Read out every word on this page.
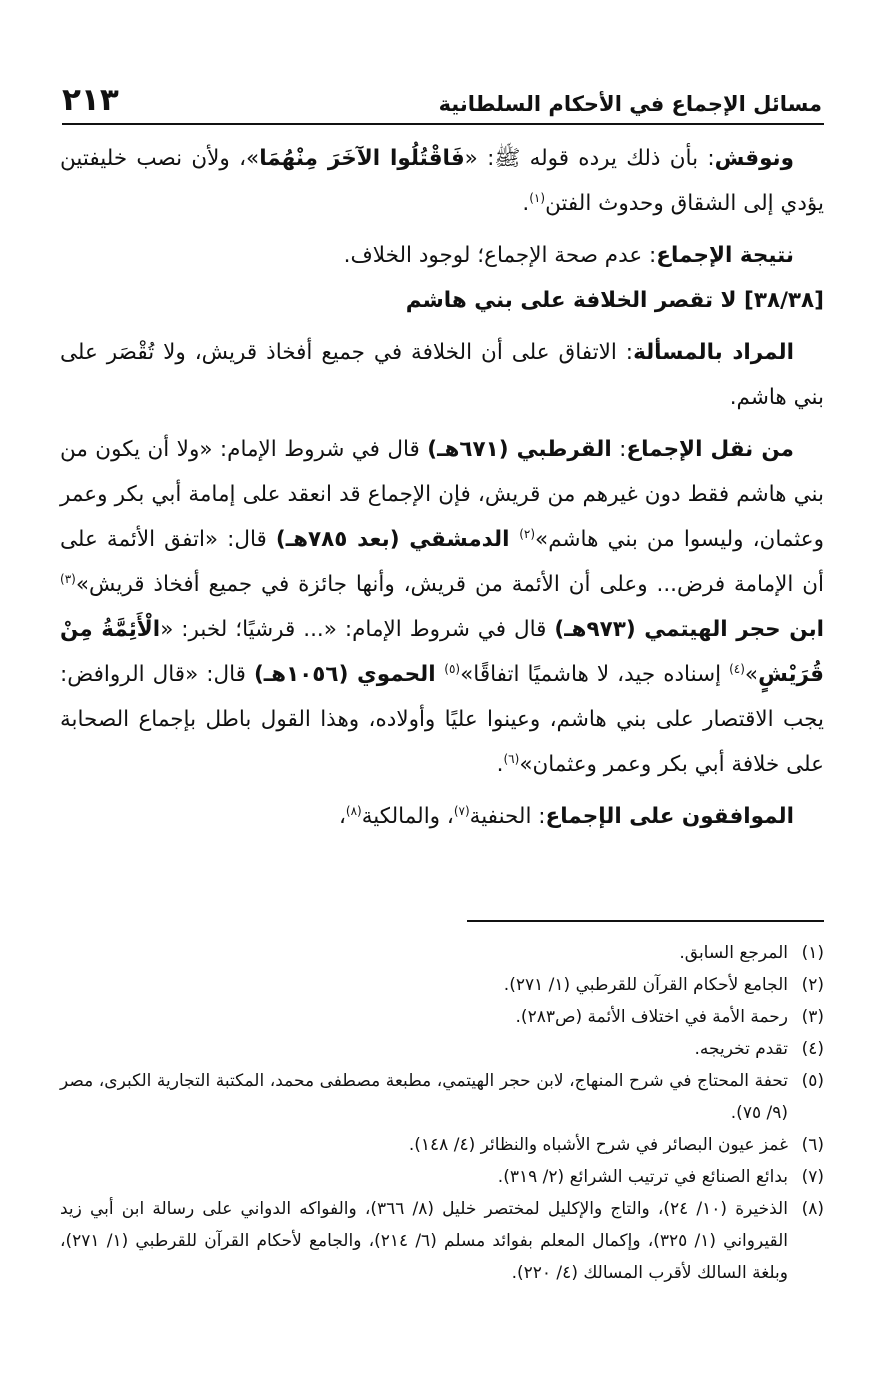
مسائل الإجماع في الأحكام السلطانية
٢١٣

ونوقش: بأن ذلك يرده قوله ﷺ: «فَاقْتُلُوا الآخَرَ مِنْهُمَا»، ولأن نصب خليفتين يؤدي إلى الشقاق وحدوث الفتن$^{(١)}$.

نتيجة الإجماع: عدم صحة الإجماع؛ لوجود الخلاف.

[٣٨/٣٨] لا تقصر الخلافة على بني هاشم

المراد بالمسألة: الاتفاق على أن الخلافة في جميع أفخاذ قريش، ولا تُقْصَر على بني هاشم.

من نقل الإجماع: القرطبي (٦٧١هـ) قال في شروط الإمام: «ولا أن يكون من بني هاشم فقط دون غيرهم من قريش، فإن الإجماع قد انعقد على إمامة أبي بكر وعمر وعثمان، وليسوا من بني هاشم»$^{(٢)}$ الدمشقي (بعد ٧٨٥هـ) قال: «اتفق الأئمة على أن الإمامة فرض... وعلى أن الأئمة من قريش، وأنها جائزة في جميع أفخاذ قريش»$^{(٣)}$ ابن حجر الهيتمي (٩٧٣هـ) قال في شروط الإمام: «... قرشيًا؛ لخبر: «الْأَئِمَّةُ مِنْ قُرَيْشٍ»$^{(٤)}$ إسناده جيد، لا هاشميًا اتفاقًا»$^{(٥)}$ الحموي (١٠٥٦هـ) قال: «قال الروافض: يجب الاقتصار على بني هاشم، وعينوا عليًا وأولاده، وهذا القول باطل بإجماع الصحابة على خلافة أبي بكر وعمر وعثمان»$^{(٦)}$.

الموافقون على الإجماع: الحنفية$^{(٧)}$، والمالكية$^{(٨)}$،

(١)
المرجع السابق.
(٢)
الجامع لأحكام القرآن للقرطبي (١/ ٢٧١).
(٣)
رحمة الأمة في اختلاف الأئمة (ص٢٨٣).
(٤)
تقدم تخريجه.
(٥)
تحفة المحتاج في شرح المنهاج، لابن حجر الهيتمي، مطبعة مصطفى محمد، المكتبة التجارية الكبرى، مصر (٩/ ٧٥).
(٦)
غمز عيون البصائر في شرح الأشباه والنظائر (٤/ ١٤٨).
(٧)
بدائع الصنائع في ترتيب الشرائع (٢/ ٣١٩).
(٨)
الذخيرة (١٠/ ٢٤)، والتاج والإكليل لمختصر خليل (٨/ ٣٦٦)، والفواكه الدواني على رسالة ابن أبي زيد القيرواني (١/ ٣٢٥)، وإكمال المعلم بفوائد مسلم (٦/ ٢١٤)، والجامع لأحكام القرآن للقرطبي (١/ ٢٧١)، وبلغة السالك لأقرب المسالك (٤/ ٢٢٠).
